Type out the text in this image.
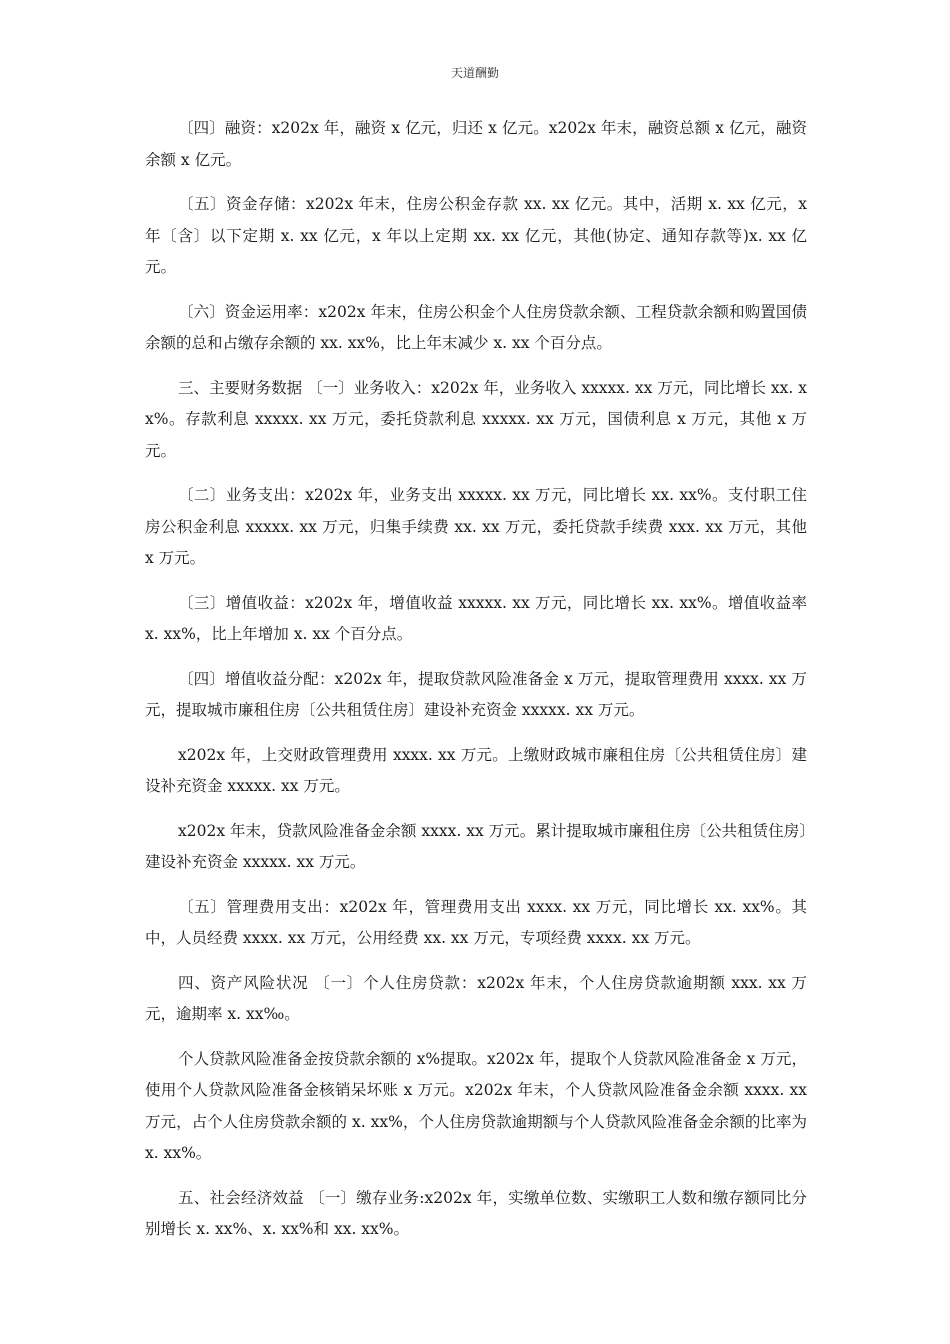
天道酬勤

〔四〕融资：x202x 年，融资 x 亿元，归还 x 亿元。x202x 年末，融资总额 x 亿元，融资余额 x 亿元。

〔五〕资金存储：x202x 年末，住房公积金存款 xx. xx 亿元。其中，活期 x. xx 亿元，x 年〔含〕以下定期 x. xx 亿元，x 年以上定期 xx. xx 亿元，其他(协定、通知存款等)x. xx 亿元。

〔六〕资金运用率：x202x 年末，住房公积金个人住房贷款余额、工程贷款余额和购置国债余额的总和占缴存余额的 xx. xx%，比上年末减少 x. xx 个百分点。

三、主要财务数据 〔一〕业务收入：x202x 年，业务收入 xxxxx. xx 万元，同比增长 xx. xx%。存款利息 xxxxx. xx 万元，委托贷款利息 xxxxx. xx 万元，国债利息 x 万元，其他 x 万元。

〔二〕业务支出：x202x 年，业务支出 xxxxx. xx 万元，同比增长 xx. xx%。支付职工住房公积金利息 xxxxx. xx 万元，归集手续费 xx. xx 万元，委托贷款手续费 xxx. xx 万元，其他 x 万元。

〔三〕增值收益：x202x 年，增值收益 xxxxx. xx 万元，同比增长 xx. xx%。增值收益率 x. xx%，比上年增加 x. xx 个百分点。

〔四〕增值收益分配：x202x 年，提取贷款风险准备金 x 万元，提取管理费用 xxxx. xx 万元，提取城市廉租住房〔公共租赁住房〕建设补充资金 xxxxx. xx 万元。

x202x 年，上交财政管理费用 xxxx. xx 万元。上缴财政城市廉租住房〔公共租赁住房〕建设补充资金 xxxxx. xx 万元。

x202x 年末，贷款风险准备金余额 xxxx. xx 万元。累计提取城市廉租住房〔公共租赁住房〕建设补充资金 xxxxx. xx 万元。

〔五〕管理费用支出：x202x 年，管理费用支出 xxxx. xx 万元，同比增长 xx. xx%。其中，人员经费 xxxx. xx 万元，公用经费 xx. xx 万元，专项经费 xxxx. xx 万元。

四、资产风险状况 〔一〕个人住房贷款：x202x 年末，个人住房贷款逾期额 xxx. xx 万元，逾期率 x. xx‰。

个人贷款风险准备金按贷款余额的 x%提取。x202x 年，提取个人贷款风险准备金 x 万元，使用个人贷款风险准备金核销呆坏账 x 万元。x202x 年末，个人贷款风险准备金余额 xxxx. xx 万元，占个人住房贷款余额的 x. xx%，个人住房贷款逾期额与个人贷款风险准备金余额的比率为 x. xx%。

五、社会经济效益 〔一〕缴存业务:x202x 年，实缴单位数、实缴职工人数和缴存额同比分别增长 x. xx%、x. xx%和 xx. xx%。
